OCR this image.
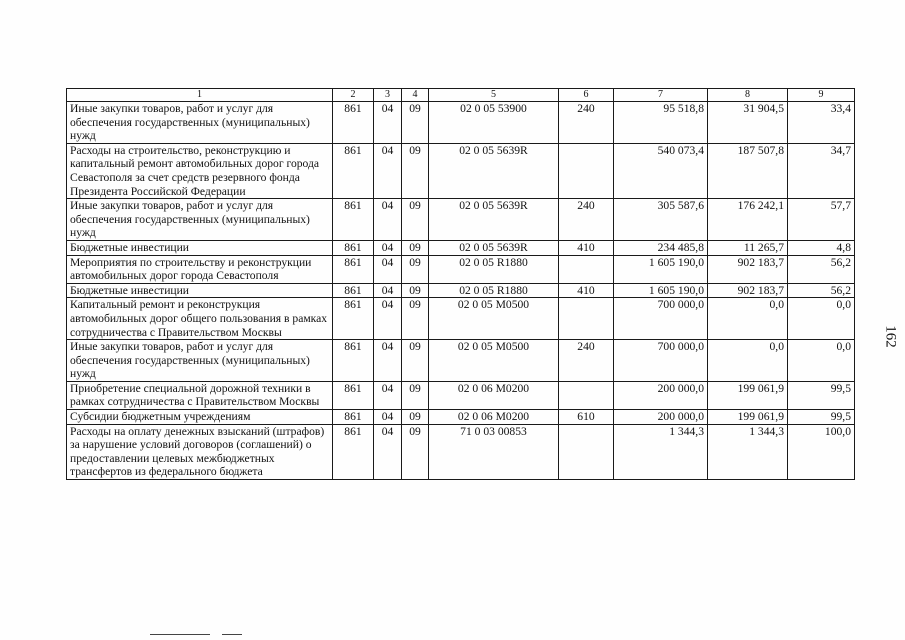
1	2	3	4	5	6	7	8	9
Иные закупки товаров, работ и услуг для обеспечения государственных (муниципальных) нужд	861	04	09	02 0 05 53900	240	95 518,8	31 904,5	33,4
Расходы на строительство, реконструкцию и капитальный ремонт автомобильных дорог города Севастополя за счет средств резервного фонда Президента Российской Федерации	861	04	09	02 0 05 5639R		540 073,4	187 507,8	34,7
Иные закупки товаров, работ и услуг для обеспечения государственных (муниципальных) нужд	861	04	09	02 0 05 5639R	240	305 587,6	176 242,1	57,7
Бюджетные инвестиции	861	04	09	02 0 05 5639R	410	234 485,8	11 265,7	4,8
Мероприятия по строительству и реконструкции автомобильных дорог города Севастополя	861	04	09	02 0 05 R1880		1 605 190,0	902 183,7	56,2
Бюджетные инвестиции	861	04	09	02 0 05 R1880	410	1 605 190,0	902 183,7	56,2
Капитальный ремонт и реконструкция автомобильных дорог общего пользования в рамках сотрудничества с Правительством Москвы	861	04	09	02 0 05 M0500		700 000,0	0,0	0,0
Иные закупки товаров, работ и услуг для обеспечения государственных (муниципальных) нужд	861	04	09	02 0 05 M0500	240	700 000,0	0,0	0,0
Приобретение специальной дорожной техники в рамках сотрудничества с Правительством Москвы	861	04	09	02 0 06 M0200		200 000,0	199 061,9	99,5
Субсидии бюджетным учреждениям	861	04	09	02 0 06 M0200	610	200 000,0	199 061,9	99,5
Расходы на оплату денежных взысканий (штрафов) за нарушение условий договоров (соглашений) о предоставлении целевых межбюджетных трансфертов из федерального бюджета	861	04	09	71 0 03 00853		1 344,3	1 344,3	100,0
162
